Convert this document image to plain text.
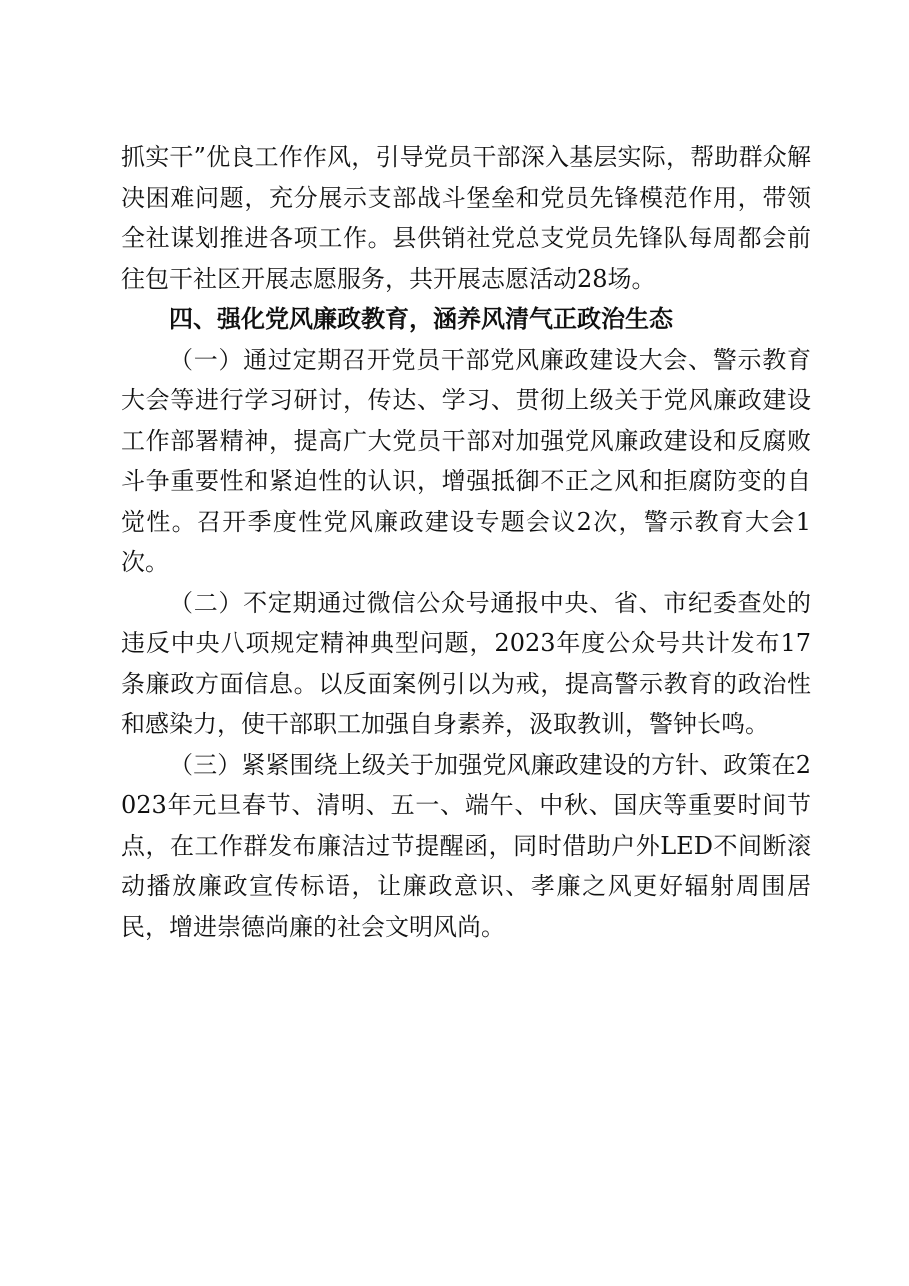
抓实干”优良工作作风，引导党员干部深入基层实际，帮助群众解决困难问题，充分展示支部战斗堡垒和党员先锋模范作用，带领全社谋划推进各项工作。县供销社党总支党员先锋队每周都会前往包干社区开展志愿服务，共开展志愿活动28场。

四、强化党风廉政教育，涵养风清气正政治生态

（一）通过定期召开党员干部党风廉政建设大会、警示教育大会等进行学习研讨，传达、学习、贯彻上级关于党风廉政建设工作部署精神，提高广大党员干部对加强党风廉政建设和反腐败斗争重要性和紧迫性的认识，增强抵御不正之风和拒腐防变的自觉性。召开季度性党风廉政建设专题会议2次，警示教育大会1次。

（二）不定期通过微信公众号通报中央、省、市纪委查处的违反中央八项规定精神典型问题，2023年度公众号共计发布17条廉政方面信息。以反面案例引以为戒，提高警示教育的政治性和感染力，使干部职工加强自身素养，汲取教训，警钟长鸣。

（三）紧紧围绕上级关于加强党风廉政建设的方针、政策在2023年元旦春节、清明、五一、端午、中秋、国庆等重要时间节点，在工作群发布廉洁过节提醒函，同时借助户外LED不间断滚动播放廉政宣传标语，让廉政意识、孝廉之风更好辐射周围居民，增进崇德尚廉的社会文明风尚。
